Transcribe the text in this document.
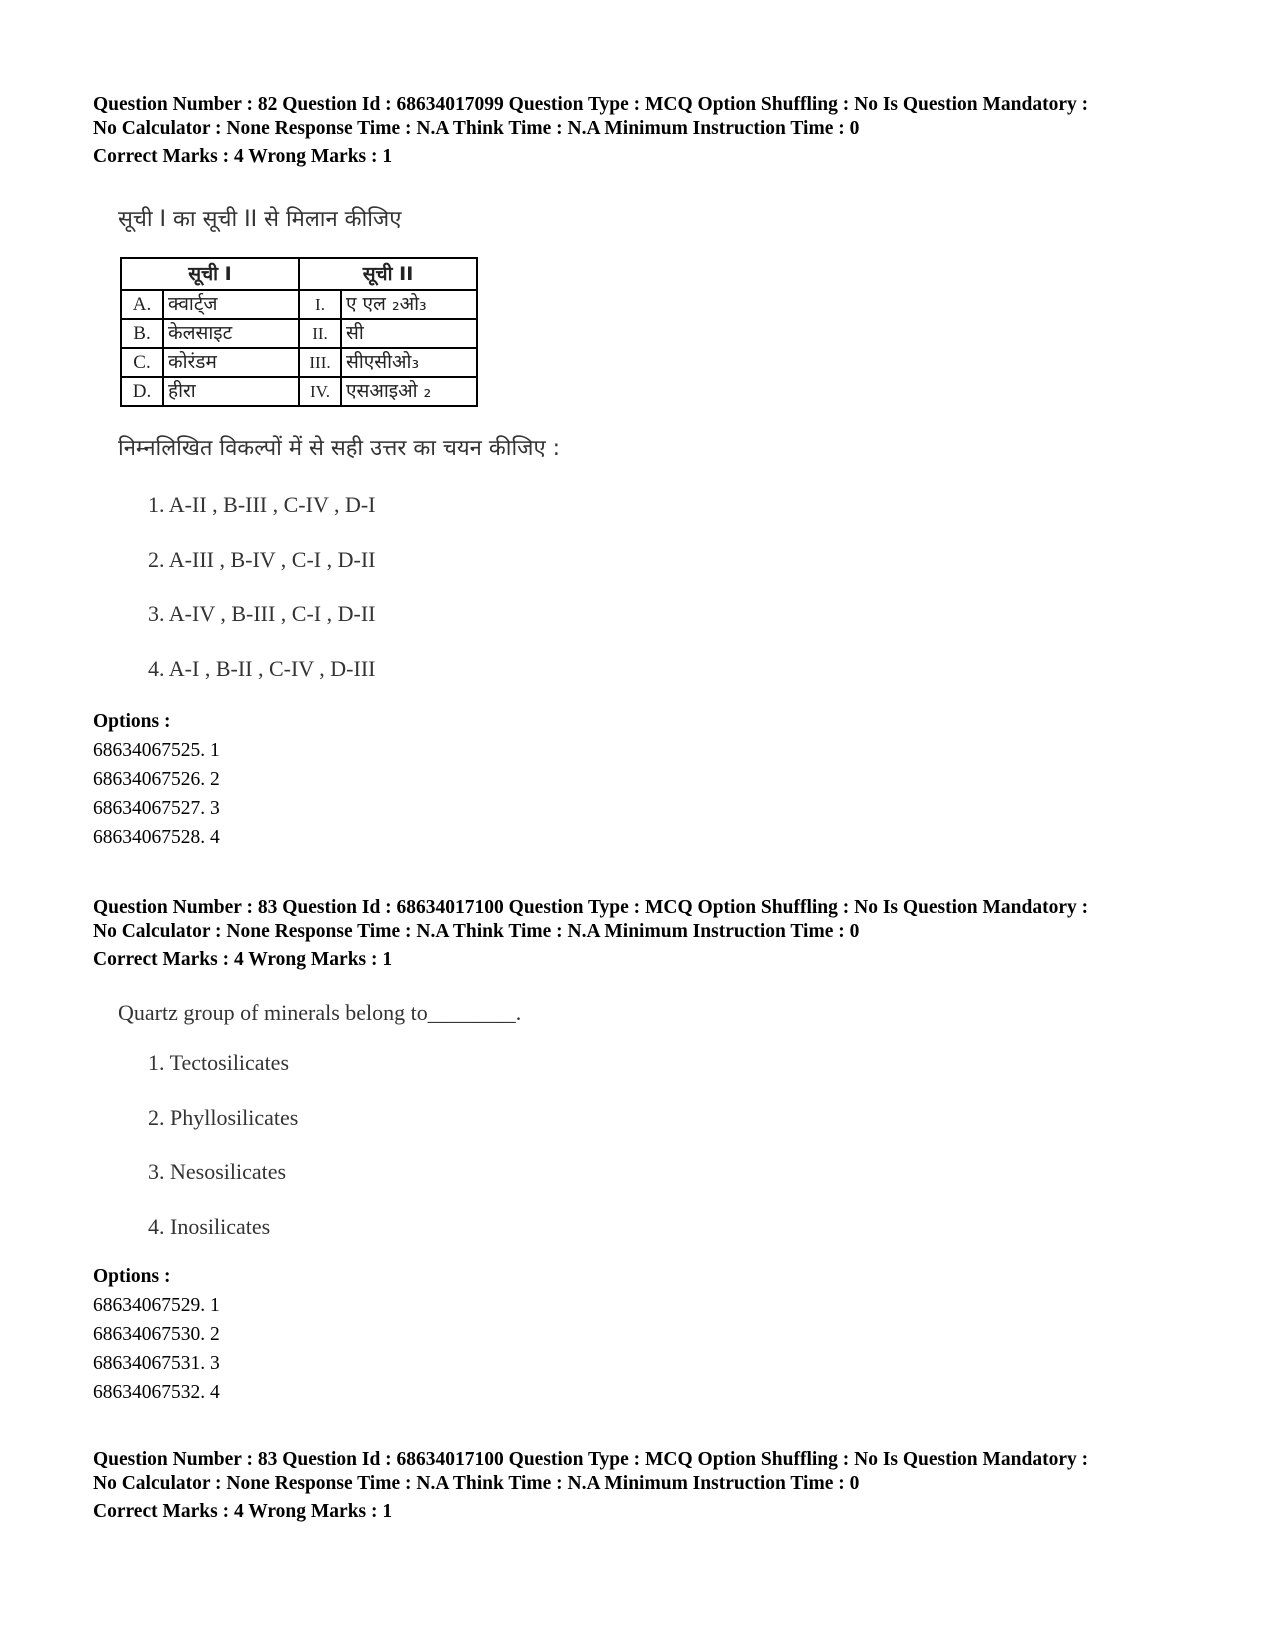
Question Number : 82 Question Id : 68634017099 Question Type : MCQ Option Shuffling : No Is Question Mandatory :
No Calculator : None Response Time : N.A Think Time : N.A Minimum Instruction Time : 0
Correct Marks : 4 Wrong Marks : 1
सूची I का सूची II से मिलान कीजिए
सूची I		सूची II	
A.	क्वार्ट्ज	I.	ए एल ₂ओ₃
B.	केलसाइट	II.	सी
C.	कोरंडम	III.	सीएसीओ₃
D.	हीरा	IV.	एसआइओ ₂
निम्नलिखित विकल्पों में से सही उत्तर का चयन कीजिए :
1. A-II , B-III , C-IV , D-I
2. A-III , B-IV , C-I , D-II
3. A-IV , B-III , C-I , D-II
4. A-I , B-II , C-IV , D-III
Options :
68634067525. 1
68634067526. 2
68634067527. 3
68634067528. 4
Question Number : 83 Question Id : 68634017100 Question Type : MCQ Option Shuffling : No Is Question Mandatory :
No Calculator : None Response Time : N.A Think Time : N.A Minimum Instruction Time : 0
Correct Marks : 4 Wrong Marks : 1
Quartz group of minerals belong to________.
1. Tectosilicates
2. Phyllosilicates
3. Nesosilicates
4. Inosilicates
Options :
68634067529. 1
68634067530. 2
68634067531. 3
68634067532. 4
Question Number : 83 Question Id : 68634017100 Question Type : MCQ Option Shuffling : No Is Question Mandatory :
No Calculator : None Response Time : N.A Think Time : N.A Minimum Instruction Time : 0
Correct Marks : 4 Wrong Marks : 1
